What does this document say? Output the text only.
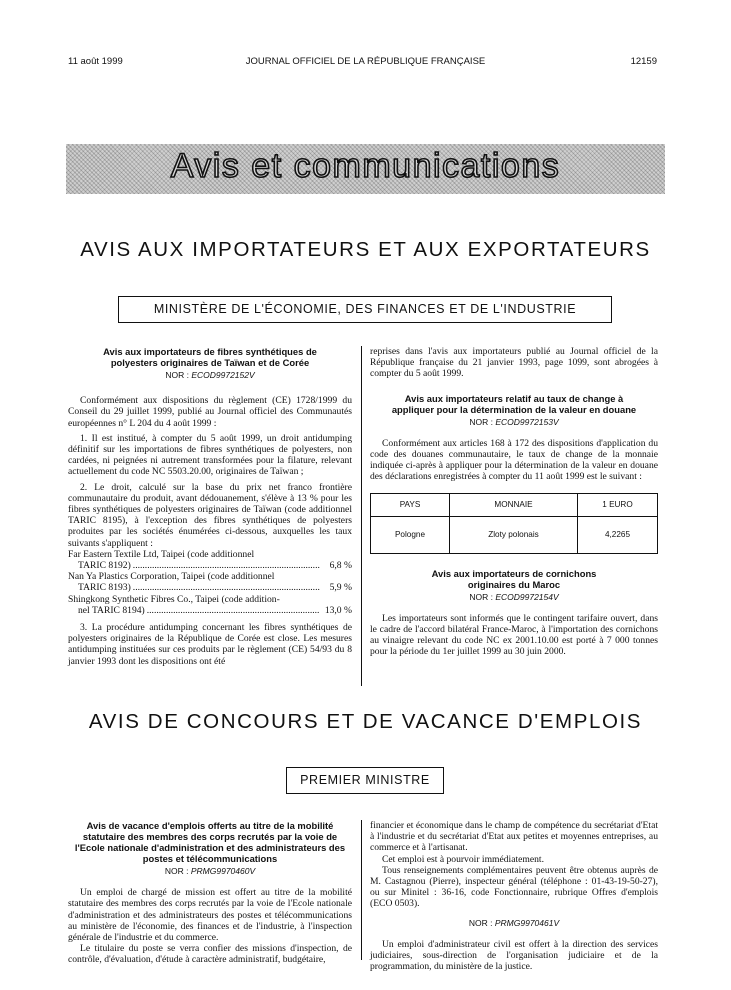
11 août 1999	JOURNAL OFFICIEL DE LA RÉPUBLIQUE FRANÇAISE	12159
Avis et communications
AVIS AUX IMPORTATEURS ET AUX EXPORTATEURS
MINISTÈRE DE L'ÉCONOMIE, DES FINANCES ET DE L'INDUSTRIE
Avis aux importateurs de fibres synthétiques de polyesters originaires de Taïwan et de Corée
NOR : ECOD9972152V

Conformément aux dispositions du règlement (CE) 1728/1999 du Conseil du 29 juillet 1999, publié au Journal officiel des Communautés européennes n° L 204 du 4 août 1999 :

1. Il est institué, à compter du 5 août 1999, un droit antidumping définitif sur les importations de fibres synthétiques de polyesters, non cardées, ni peignées ni autrement transformées pour la filature, relevant actuellement du code NC 5503.20.00, originaires de Taïwan ;

2. Le droit, calculé sur la base du prix net franco frontière communautaire du produit, avant dédouanement, s'élève à 13 % pour les fibres synthétiques de polyesters originaires de Taïwan (code additionnel TARIC 8195), à l'exception des fibres synthétiques de polyesters produites par les sociétés énumérées ci-dessous, auxquelles les taux suivants s'appliquent :

Far Eastern Textile Ltd, Taipei (code additionnel
TARIC 8192) .....	6,8 %
Nan Ya Plastics Corporation, Taipei (code additionnel
TARIC 8193) .....	5,9 %
Shingkong Synthetic Fibres Co., Taipei (code addition-
nel TARIC 8194) .....	13,0 %

3. La procédure antidumping concernant les fibres synthétiques de polyesters originaires de la République de Corée est close. Les mesures antidumping instituées sur ces produits par le règlement (CE) 54/93 du 8 janvier 1993 dont les dispositions ont été

reprises dans l'avis aux importateurs publié au Journal officiel de la République française du 21 janvier 1993, page 1099, sont abrogées à compter du 5 août 1999.

Avis aux importateurs relatif au taux de change à appliquer pour la détermination de la valeur en douane
NOR : ECOD9972153V

Conformément aux articles 168 à 172 des dispositions d'application du code des douanes communautaire, le taux de change de la monnaie indiquée ci-après à appliquer pour la détermination de la valeur en douane des déclarations enregistrées à compter du 11 août 1999 est le suivant :

PAYS	MONNAIE	1 EURO
Pologne	Zloty polonais	4,2265
Avis aux importateurs de cornichons originaires du Maroc
NOR : ECOD9972154V

Les importateurs sont informés que le contingent tarifaire ouvert, dans le cadre de l'accord bilatéral France-Maroc, à l'importation des cornichons au vinaigre relevant du code NC ex 2001.10.00 est porté à 7 000 tonnes pour la période du 1er juillet 1999 au 30 juin 2000.

AVIS DE CONCOURS ET DE VACANCE D'EMPLOIS
PREMIER MINISTRE
Avis de vacance d'emplois offerts au titre de la mobilité statutaire des membres des corps recrutés par la voie de l'Ecole nationale d'administration et des administrateurs des postes et télécommunications
NOR : PRMG9970460V

Un emploi de chargé de mission est offert au titre de la mobilité statutaire des membres des corps recrutés par la voie de l'Ecole nationale d'administration et des administrateurs des postes et télécommunications au ministère de l'économie, des finances et de l'industrie, à l'inspection générale de l'industrie et du commerce.

Le titulaire du poste se verra confier des missions d'inspection, de contrôle, d'évaluation, d'étude à caractère administratif, budgétaire,

financier et économique dans le champ de compétence du secrétariat d'Etat à l'industrie et du secrétariat d'Etat aux petites et moyennes entreprises, au commerce et à l'artisanat.

Cet emploi est à pourvoir immédiatement.

Tous renseignements complémentaires peuvent être obtenus auprès de M. Castagnou (Pierre), inspecteur général (téléphone : 01-43-19-50-27), ou sur Minitel : 36-16, code Fonctionnaire, rubrique Offres d'emplois (ECO 0503).

NOR : PRMG9970461V

Un emploi d'administrateur civil est offert à la direction des services judiciaires, sous-direction de l'organisation judiciaire et de la programmation, du ministère de la justice.
